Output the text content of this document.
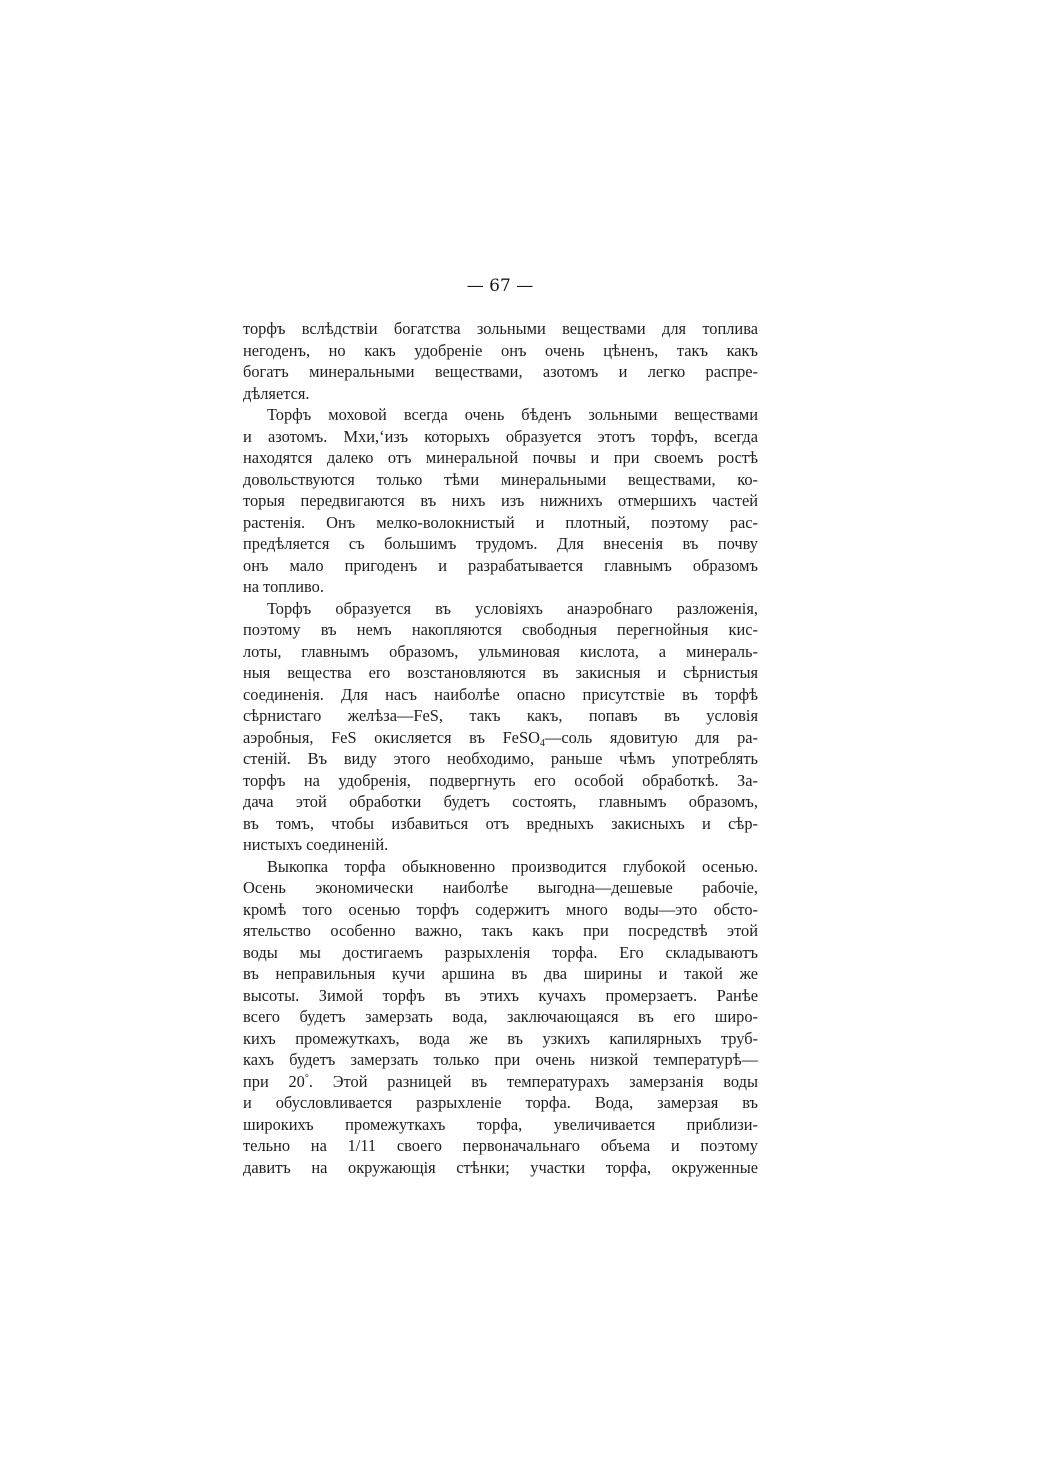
— 67 —
торфъ вслѣдствіи богатства зольными веществами для топлива
негоденъ, но какъ удобреніе онъ очень цѣненъ, такъ какъ
богатъ минеральными веществами, азотомъ и легко распре-
дѣляется.
Торфъ моховой всегда очень бѣденъ зольными веществами
и азотомъ. Мхи,‘изъ которыхъ образуется этотъ торфъ, всегда
находятся далеко отъ минеральной почвы и при своемъ ростѣ
довольствуются только тѣми минеральными веществами, ко-
торыя передвигаются въ нихъ изъ нижнихъ отмершихъ частей
растенія. Онъ мелко-волокнистый и плотный, поэтому рас-
предѣляется съ большимъ трудомъ. Для внесенія въ почву
онъ мало пригоденъ и разрабатывается главнымъ образомъ
на топливо.
Торфъ образуется въ условіяхъ анаэробнаго разложенія,
поэтому въ немъ накопляются свободныя перегнойныя кис-
лоты, главнымъ образомъ, ульминовая кислота, а минераль-
ныя вещества его возстановляются въ закисныя и сѣрнистыя
соединенія. Для насъ наиболѣе опасно присутствіе въ торфѣ
сѣрнистаго желѣза—FeS, такъ какъ, попавъ въ условія
аэробныя, FeS окисляется въ FeSO$_4$—соль ядовитую для ра-
стеній. Въ виду этого необходимо, раньше чѣмъ употреблять
торфъ на удобренія, подвергнуть его особой обработкѣ. За-
дача этой обработки будетъ состоять, главнымъ образомъ,
въ томъ, чтобы избавиться отъ вредныхъ закисныхъ и сѣр-
нистыхъ соединеній.
Выкопка торфа обыкновенно производится глубокой осенью.
Осень экономически наиболѣе выгодна—дешевые рабочіе,
кромѣ того осенью торфъ содержитъ много воды—это обсто-
ятельство особенно важно, такъ какъ при посредствѣ этой
воды мы достигаемъ разрыхленія торфа. Его складываютъ
въ неправильныя кучи аршина въ два ширины и такой же
высоты. Зимой торфъ въ этихъ кучахъ промерзаетъ. Ранѣе
всего будетъ замерзать вода, заключающаяся въ его широ-
кихъ промежуткахъ, вода же въ узкихъ капилярныхъ труб-
кахъ будетъ замерзать только при очень низкой температурѣ—
при 20°. Этой разницей въ температурахъ замерзанія воды
и обусловливается разрыхленіе торфа. Вода, замерзая въ
широкихъ промежуткахъ торфа, увеличивается приблизи-
тельно на 1/11 своего первоначальнаго объема и поэтому
давитъ на окружающія стѣнки; участки торфа, окруженные
